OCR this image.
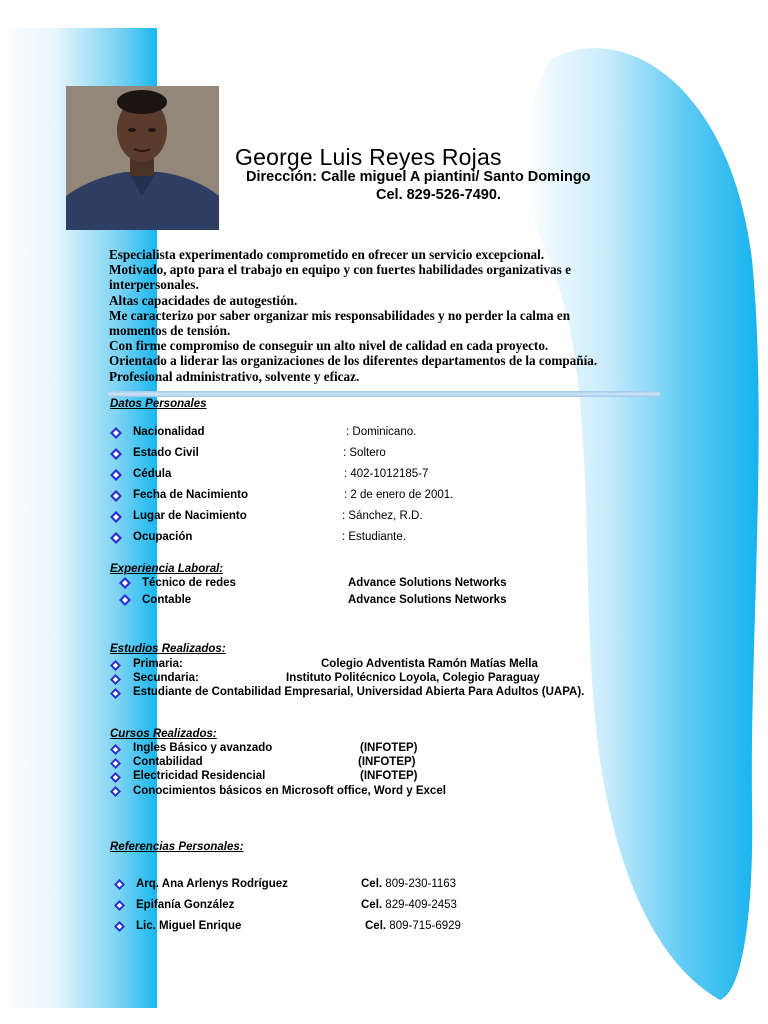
George Luis Reyes Rojas
Dirección: Calle miguel A piantini/ Santo Domingo
Cel. 829-526-7490.

Especialista experimentado comprometido en ofrecer un servicio excepcional.

Motivado, apto para el trabajo en equipo y con fuertes habilidades organizativas e interpersonales.

Altas capacidades de autogestión.

Me caracterizo por saber organizar mis responsabilidades y no perder la calma en momentos de tensión.

Con firme compromiso de conseguir un alto nivel de calidad en cada proyecto.

Orientado a liderar las organizaciones de los diferentes departamentos de la compañía.

Profesional administrativo, solvente y eficaz.

Datos Personales
Nacionalidad	: Dominicano.
Estado Civil	: Soltero
Cédula	: 402-1012185-7
Fecha de Nacimiento	: 2 de enero de 2001.
Lugar de Nacimiento	: Sánchez, R.D.
Ocupación	: Estudiante.
Experiencia Laboral:
Técnico de redes	Advance Solutions Networks
Contable	Advance Solutions Networks
Estudios Realizados:
Primaria:	Colegio Adventista Ramón Matías Mella
Secundaria:	Instituto Politécnico Loyola, Colegio Paraguay
Estudiante de Contabilidad Empresarial, Universidad Abierta Para Adultos (UAPA).
Cursos Realizados:
Ingles Básico y avanzado	(INFOTEP)
Contabilidad	(INFOTEP)
Electricidad Residencial	(INFOTEP)
Conocimientos básicos en Microsoft office, Word y Excel
Referencias Personales:
Arq. Ana Arlenys Rodríguez	Cel. 809-230-1163
Epifanía González	Cel. 829-409-2453
Lic. Miguel Enrique	Cel. 809-715-6929
